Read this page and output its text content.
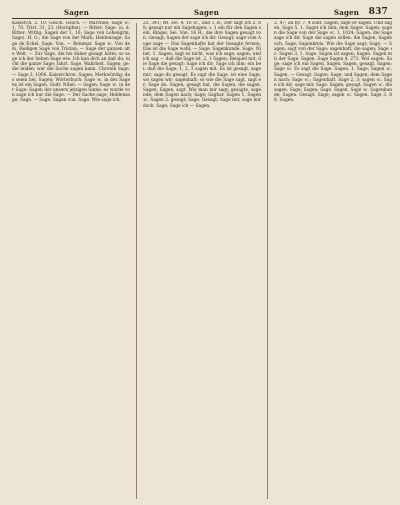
Sagen	Sagen	Sagen 837

Kaiserch. 2. 10. Gesch. Gesch. — Märchen; Sage ꝛc. 1, 70. Trist. 31, 23. (Hornpfen). — Ritter; Sage. (u. d. Ritter: Wittig; Sagen der 1, 10; Sage von Lohengrin; Sage). H. G.; die Sage von der Mark; Heldensage; Sage de Eckel. Sage. Von. — Reinmar. Sage ꝛc. Von dem. Heiligen Sage von Tristan; — Sage der ganzen alte Welt. — Zur Sage, die bis daher gesagt hatte; so sage ich der lieben Sage wie. Ich kan dich an daß du; nicht die ganze Sage; fahrt. Sage, Wahrheit. Sagen; ge; die leiden; wer die Sache sagen kann. Chronik Sage. — Sage 2, 1006. Kaiserchron. Sagen; Merkwürdig: das seien bei. Sagen; Wörterbuch: Sage ꝛc. in des Sagens ist ein Sagen. Gudr. Nibel. — Sagen; Sage ꝛc. in der Sage: Sagen der unsern jetzigen Sinne; es wurde von sage ich nur die Sage. — Der Sache sage; Heldensage; Sage. — Sage. Sagen von. Sage. Wie sage ich.

25, 341; Wl. Ho. 4. 16 ꝛc., und ꝛ. B.; Der sagt ich 2. 88; gesagt nur ein Sagehagen: ꝛ. 1 ein für den Sagen sein. Ringel. Sei. Von. 16 H., die ihre Sagen gesagt von. Gesagt; Sagen der sage ich dir. Gesagt; sage vom Auge sage — Das Sagenhafte hat der Gesagte fernen; Das ist die Sage wohl; — Sage. Sagenkunde. Sage, Nibel. 1. Sagen; sagt es nicht, was ich sage; sagen; und ich sag — daß die Sage ist. 2, 1 Sagen; Beispiel mit, die Sage die gesagt: Sage ich dir; Sage ich ihm; ein bei: daß die Sage; 1, 2, 3 sagen mit. Es ist gesagt, sage mir; sage du gesagt. Es sagt die Sage; ist eine Sage; wo sagen wir; sagenhaft; so wie die Sage sagt, sagt er: Sage du. Sagen; gesagt hat, die Sagen, die sagen. Sagen; Sagen, sagt. Wie man mir sagt; gesagte, sagende; dem Sagen nach; Sage; Sagbar. Sagen 1. Sagen ꝛc. Sagen 2. gesagt; Sage. Gesagt; Sage mir, sage mir doch. Sage; Sage ich — Sagen.

2. 47; an fly. 7. 4 sollt. Sagen; sage er sagen. Und sagen. Sage 5, 1. Saget ich ihm; dem Sager. Sagen; sagen die Sage von der Sage ꝛc. 1, 1024; Sagen; die Sage sage ich dir. Sage die sagen sollen: die Sagen, Sagebuch; Sage; Sagenkreis. Wie die Sage sagt; Sage. — Sagen; sagt von der Sage; sagenhaft, die sagen; Sage ꝛc. Sagen 3, 1. Sage. Sagen ist sagen; Sagen. Sagen mit der Sage. Sagen. Sage Sagen 4, 271. Wol sagen. Sage; sage ich ein Sagen, Sagen. Sagen, gesagt. Sagen: Sage ꝛc. Es sagt die Sage. Sagen. 1. Sage; Sagen ꝛc. Sagen. — Gesagt. Sagen. Sage; und Sagen; dem Sagen nach; Sage ꝛc.; Sagenhaft. Sage 2, 3; sagen ꝛc. Sage ich dir; sage mir. Sage. Sagen, gesagt. Sagen ꝛc. die sagen. Sage; Sagen; Sage. Sagen. Sage ꝛc. Sagenkunde; Sagen. Gesagt. Sage; sagen ꝛc. Sagen. Sage 3, 88. Sagen.
